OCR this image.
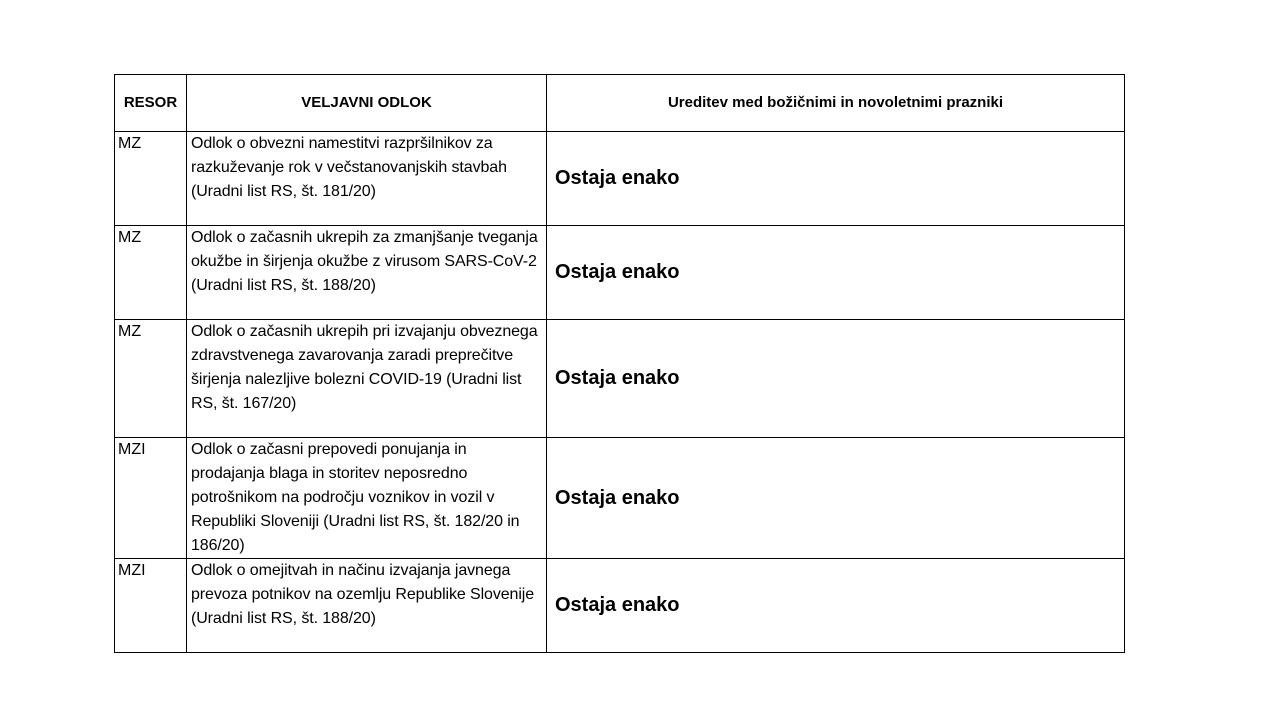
RESOR	VELJAVNI ODLOK	Ureditev med božičnimi in novoletnimi prazniki
MZ	Odlok o obvezni namestitvi razpršilnikov za razkuževanje rok v večstanovanjskih stavbah (Uradni list RS, št. 181/20)	Ostaja enako
MZ	Odlok o začasnih ukrepih za zmanjšanje tveganja okužbe in širjenja okužbe z virusom SARS-CoV-2 (Uradni list RS, št. 188/20)	Ostaja enako
MZ	Odlok o začasnih ukrepih pri izvajanju obveznega zdravstvenega zavarovanja zaradi preprečitve širjenja nalezljive bolezni COVID-19 (Uradni list RS, št. 167/20)	Ostaja enako
MZI	Odlok o začasni prepovedi ponujanja in prodajanja blaga in storitev neposredno potrošnikom na področju voznikov in vozil v Republiki Sloveniji (Uradni list RS, št. 182/20 in 186/20)	Ostaja enako
MZI	Odlok o omejitvah in načinu izvajanja javnega prevoza potnikov na ozemlju Republike Slovenije (Uradni list RS, št. 188/20)	Ostaja enako
